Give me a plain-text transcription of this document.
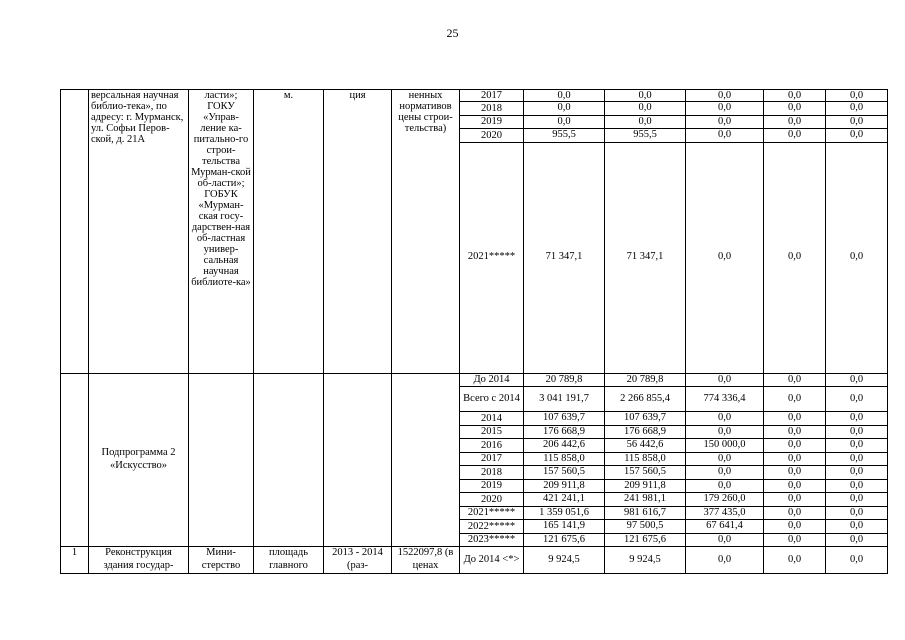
25
	версальная научная библио-тека», по адресу: г. Мурманск, ул. Софьи Перов-ской, д. 21А	ласти»; ГОКУ «Управ-ление ка-питально-го строи-тельства Мурман-ской об-ласти»; ГОБУК «Мурман-ская госу-дарствен-ная об-ластная универ-сальная научная библиоте-ка»	м.	ция	ненных нормативов цены строи-тельства)	2017	0,0	0,0	0,0	0,0	0,0
						2018	0,0	0,0	0,0	0,0	0,0
						2019	0,0	0,0	0,0	0,0	0,0
						2020	955,5	955,5	0,0	0,0	0,0
						2021*****	71 347,1	71 347,1	0,0	0,0	0,0
	Подпрограмма 2 «Искусство»					До 2014	20 789,8	20 789,8	0,0	0,0	0,0
						Всего с 2014	3 041 191,7	2 266 855,4	774 336,4	0,0	0,0
						2014	107 639,7	107 639,7	0,0	0,0	0,0
						2015	176 668,9	176 668,9	0,0	0,0	0,0
						2016	206 442,6	56 442,6	150 000,0	0,0	0,0
						2017	115 858,0	115 858,0	0,0	0,0	0,0
						2018	157 560,5	157 560,5	0,0	0,0	0,0
						2019	209 911,8	209 911,8	0,0	0,0	0,0
						2020	421 241,1	241 981,1	179 260,0	0,0	0,0
						2021*****	1 359 051,6	981 616,7	377 435,0	0,0	0,0
						2022*****	165 141,9	97 500,5	67 641,4	0,0	0,0
						2023*****	121 675,6	121 675,6	0,0	0,0	0,0
1	Реконструкция здания государ-	Мини-стерство	площадь главного	2013 - 2014 (раз-	1522097,8 (в ценах	До 2014 <*>	9 924,5	9 924,5	0,0	0,0	0,0
